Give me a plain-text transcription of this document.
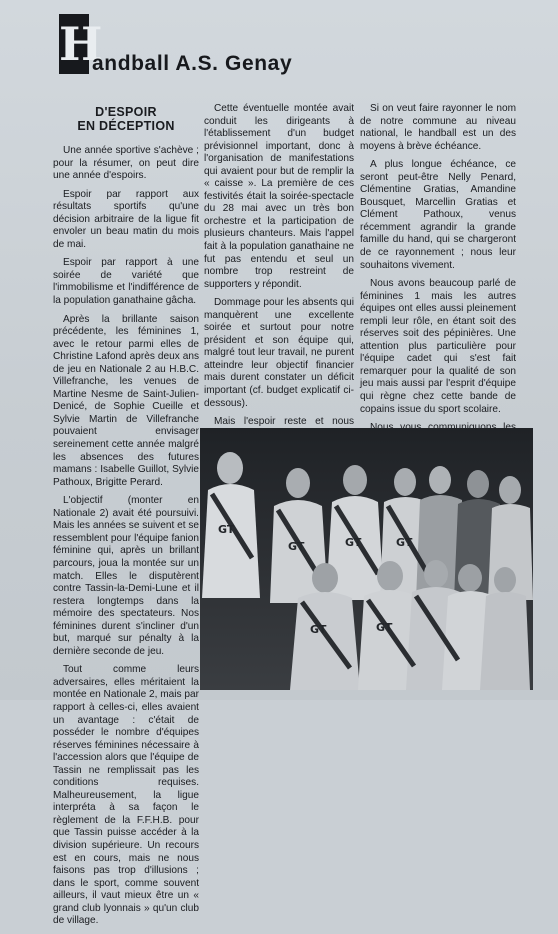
H
andball A.S. Genay
D'ESPOIR
EN DÉCEPTION

Une année sportive s'achève ; pour la résumer, on peut dire une année d'espoirs.

Espoir par rapport aux résultats sportifs qu'une décision arbitraire de la ligue fit envoler un beau matin du mois de mai.

Espoir par rapport à une soirée de variété que l'immobilisme et l'indifférence de la population ganathaine gâcha.

Après la brillante saison précédente, les féminines 1, avec le retour parmi elles de Christine Lafond après deux ans de jeu en Nationale 2 au H.B.C. Villefranche, les venues de Martine Nesme de Saint-Julien-Denicé, de Sophie Cueille et Sylvie Martin de Villefranche pouvaient envisager sereinement cette année malgré les absences des futures mamans : Isabelle Guillot, Sylvie Pathoux, Brigitte Perard.

L'objectif (monter en Nationale 2) avait été poursuivi. Mais les années se suivent et se ressemblent pour l'équipe fanion féminine qui, après un brillant parcours, joua la montée sur un match. Elles le disputèrent contre Tassin-la-Demi-Lune et il restera longtemps dans la mémoire des spectateurs. Nos féminines durent s'incliner d'un but, marqué sur pénalty à la dernière seconde de jeu.

Tout comme leurs adversaires, elles méritaient la montée en Nationale 2, mais par rapport à celles-ci, elles avaient un avantage : c'était de posséder le nombre d'équipes réserves féminines nécessaire à l'accession alors que l'équipe de Tassin ne remplissait pas les conditions requises. Malheureusement, la ligue interpréta à sa façon le règlement de la F.F.H.B. pour que Tassin puisse accéder à la division supérieure. Un recours est en cours, mais ne nous faisons pas trop d'illusions ; dans le sport, comme souvent ailleurs, il vaut mieux être un « grand club lyonnais » qu'un club de village.

Cette éventuelle montée avait conduit les dirigeants à l'établissement d'un budget prévisionnel important, donc à l'organisation de manifestations qui avaient pour but de remplir la « caisse ». La première de ces festivités était la soirée-spectacle du 28 mai avec un très bon orchestre et la participation de plusieurs chanteurs. Mais l'appel fait à la population ganathaine ne fut pas entendu et seul un nombre trop restreint de supporters y répondit.

Dommage pour les absents qui manquèrent une excellente soirée et surtout pour notre président et son équipe qui, malgré tout leur travail, ne purent atteindre leur objectif financier mais durent constater un déficit important (cf. budget explicatif ci-dessous).

Mais l'espoir reste et nous

Si on veut faire rayonner le nom de notre commune au niveau national, le handball est un des moyens à brève échéance.

A plus longue échéance, ce seront peut-être Nelly Penard, Clémentine Gratias, Amandine Bousquet, Marcellin Gratias et Clément Pathoux, venus récemment agrandir la grande famille du hand, qui se chargeront de ce rayonnement ; nous leur souhaitons vivement.

Nous avons beaucoup parlé de féminines 1 mais les autres équipes ont elles aussi pleinement rempli leur rôle, en étant soit des réserves soit des pépinières. Une attention plus particulière pour l'équipe cadet qui s'est fait remarquer pour la qualité de son jeu mais aussi par l'esprit d'équipe qui règne chez cette bande de copains issue du sport scolaire.

GT
GT	GT	GT
GT	GT
